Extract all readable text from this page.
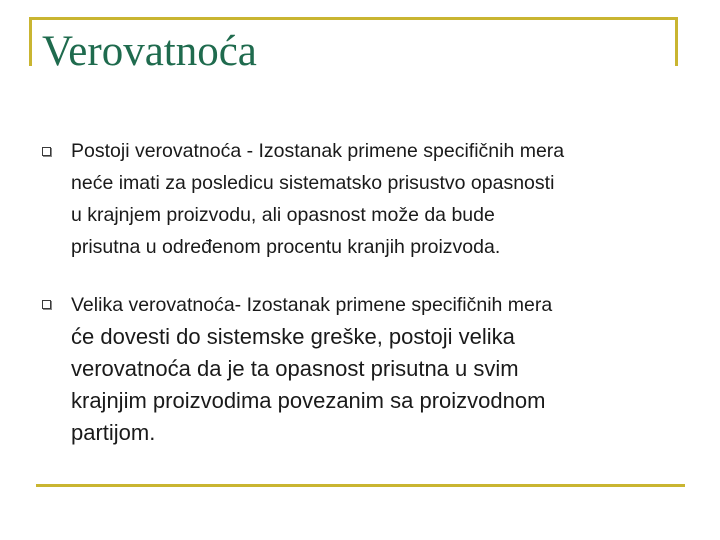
Verovatnoća

Postoji verovatnoća - Izostanak primene specifičnih mera
neće imati za posledicu sistematsko prisustvo opasnosti
u krajnjem proizvodu, ali opasnost može da bude
prisutna u određenom procentu kranjih proizvoda.

Velika verovatnoća- Izostanak primene specifičnih mera
će dovesti do sistemske greške, postoji velika
verovatnoća da je ta opasnost prisutna u svim
krajnjim proizvodima povezanim sa proizvodnom
partijom.
